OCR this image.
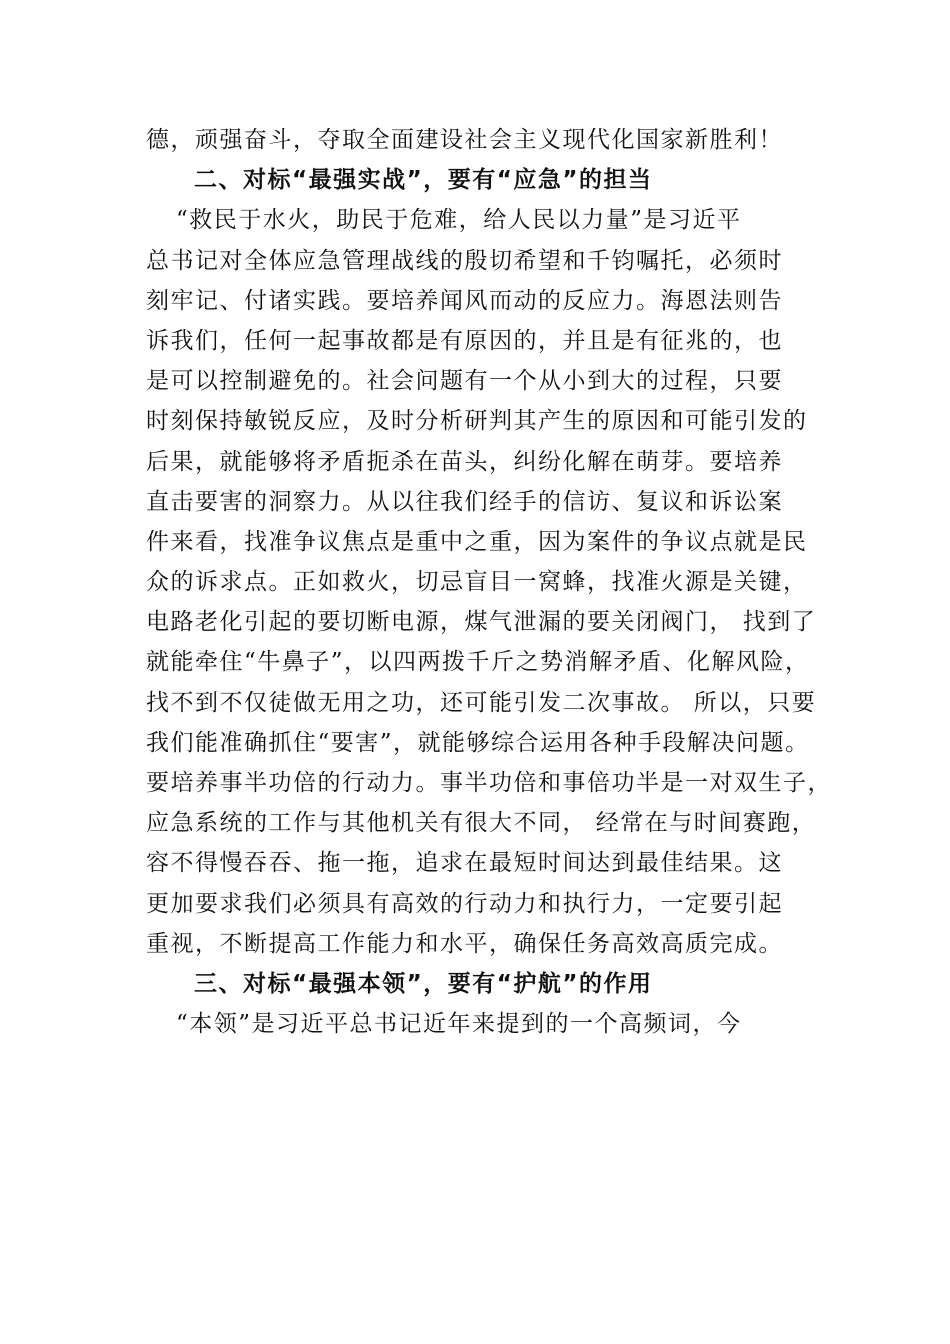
德，顽强奋斗，夺取全面建设社会主义现代化国家新胜利！
二、对标“最强实战”，要有“应急”的担当
“救民于水火，助民于危难，给人民以力量”是习近平
总书记对全体应急管理战线的殷切希望和千钧嘱托，必须时
刻牢记、付诸实践。要培养闻风而动的反应力。海恩法则告
诉我们，任何一起事故都是有原因的，并且是有征兆的，也
是可以控制避免的。社会问题有一个从小到大的过程，只要
时刻保持敏锐反应，及时分析研判其产生的原因和可能引发的
后果，就能够将矛盾扼杀在苗头，纠纷化解在萌芽。要培养
直击要害的洞察力。从以往我们经手的信访、复议和诉讼案
件来看，找准争议焦点是重中之重，因为案件的争议点就是民
众的诉求点。正如救火，切忌盲目一窝蜂，找准火源是关键，
电路老化引起的要切断电源，煤气泄漏的要关闭阀门， 找到了
就能牵住“牛鼻子”，以四两拨千斤之势消解矛盾、化解风险，
找不到不仅徒做无用之功，还可能引发二次事故。 所以，只要
我们能准确抓住“要害”，就能够综合运用各种手段解决问题。
要培养事半功倍的行动力。事半功倍和事倍功半是一对双生子，
应急系统的工作与其他机关有很大不同， 经常在与时间赛跑，
容不得慢吞吞、拖一拖，追求在最短时间达到最佳结果。这
更加要求我们必须具有高效的行动力和执行力，一定要引起
重视，不断提高工作能力和水平，确保任务高效高质完成。
三、对标“最强本领”，要有“护航”的作用
“本领”是习近平总书记近年来提到的一个高频词，今
